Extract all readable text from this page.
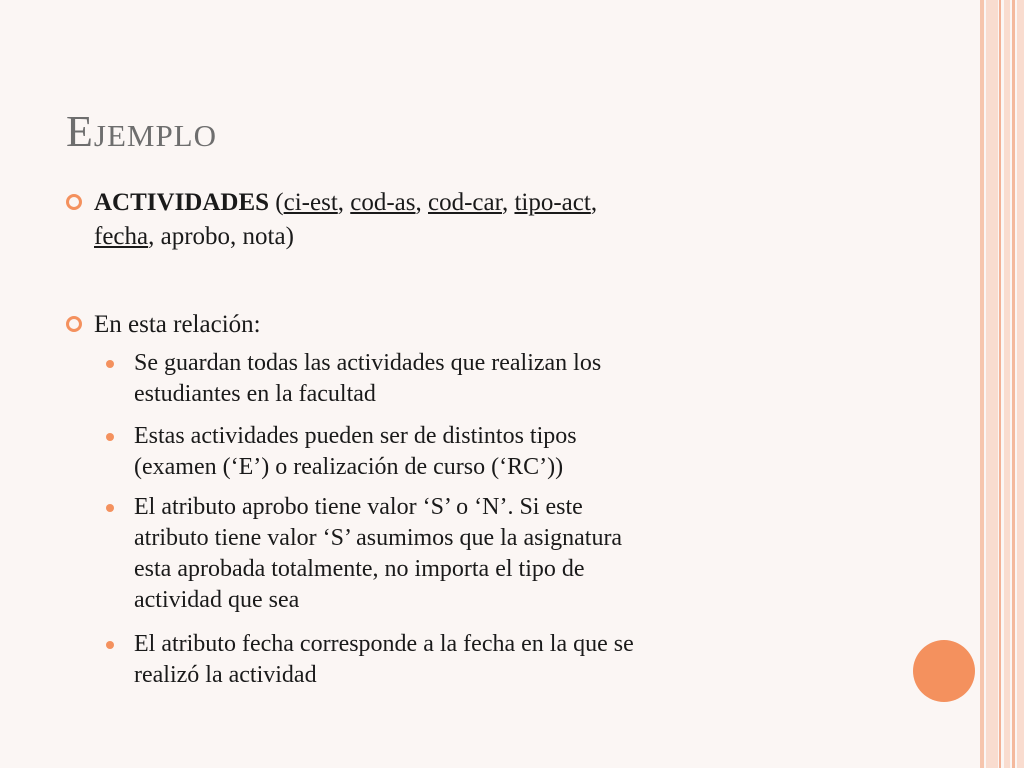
Ejemplo
ACTIVIDADES (ci-est, cod-as, cod-car, tipo-act,
fecha, aprobo, nota)
En esta relación:
Se guardan todas las actividades que realizan los
estudiantes en la facultad
Estas actividades pueden ser de distintos tipos
(examen (‘E’) o realización de curso (‘RC’))
El atributo aprobo tiene valor ‘S’ o ‘N’. Si este
atributo tiene valor ‘S’ asumimos que la asignatura
esta aprobada totalmente, no importa el tipo de
actividad que sea
El atributo fecha corresponde a la fecha en la que se
realizó la actividad
